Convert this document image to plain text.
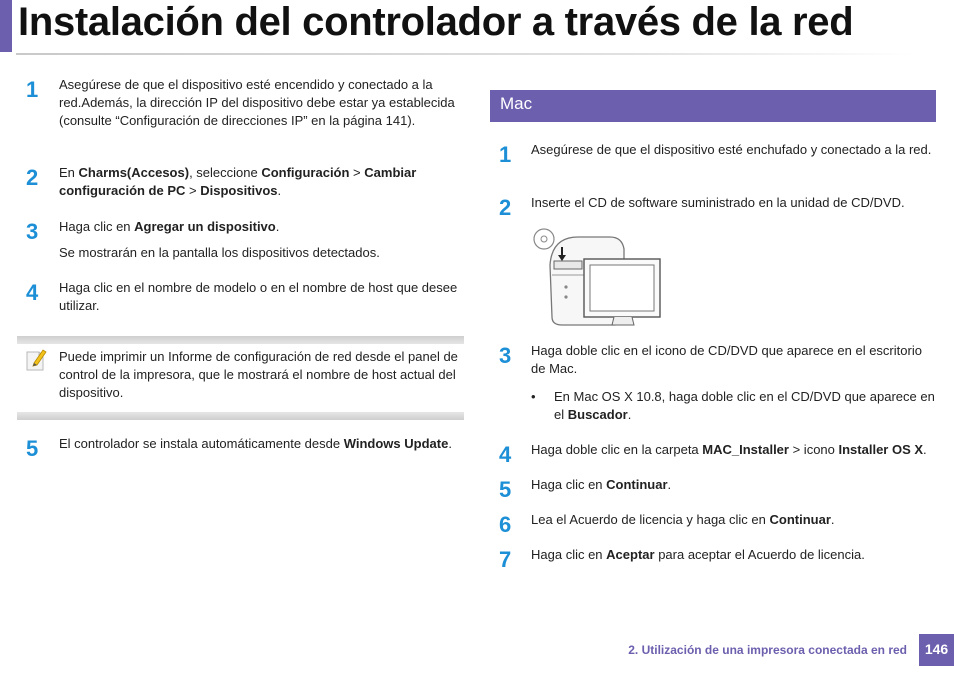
Instalación del controlador a través de la red
1 Asegúrese de que el dispositivo esté encendido y conectado a la red.Además, la dirección IP del dispositivo debe estar ya establecida (consulte “Configuración de direcciones IP” en la página 141).
2 En Charms(Accesos), seleccione Configuración > Cambiar configuración de PC > Dispositivos.
3 Haga clic en Agregar un dispositivo.
Se mostrarán en la pantalla los dispositivos detectados.
4 Haga clic en el nombre de modelo o en el nombre de host que desee utilizar.
Puede imprimir un Informe de configuración de red desde el panel de control de la impresora, que le mostrará el nombre de host actual del dispositivo.
5 El controlador se instala automáticamente desde Windows Update.
Mac
1 Asegúrese de que el dispositivo esté enchufado y conectado a la red.
2 Inserte el CD de software suministrado en la unidad de CD/DVD.
3 Haga doble clic en el icono de CD/DVD que aparece en el escritorio de Mac.
•	En Mac OS X 10.8, haga doble clic en el CD/DVD que aparece en el Buscador.
4 Haga doble clic en la carpeta MAC_Installer > icono Installer OS X.
5 Haga clic en Continuar.
6 Lea el Acuerdo de licencia y haga clic en Continuar.
7 Haga clic en Aceptar para aceptar el Acuerdo de licencia.
2. Utilización de una impresora conectada en red	146
